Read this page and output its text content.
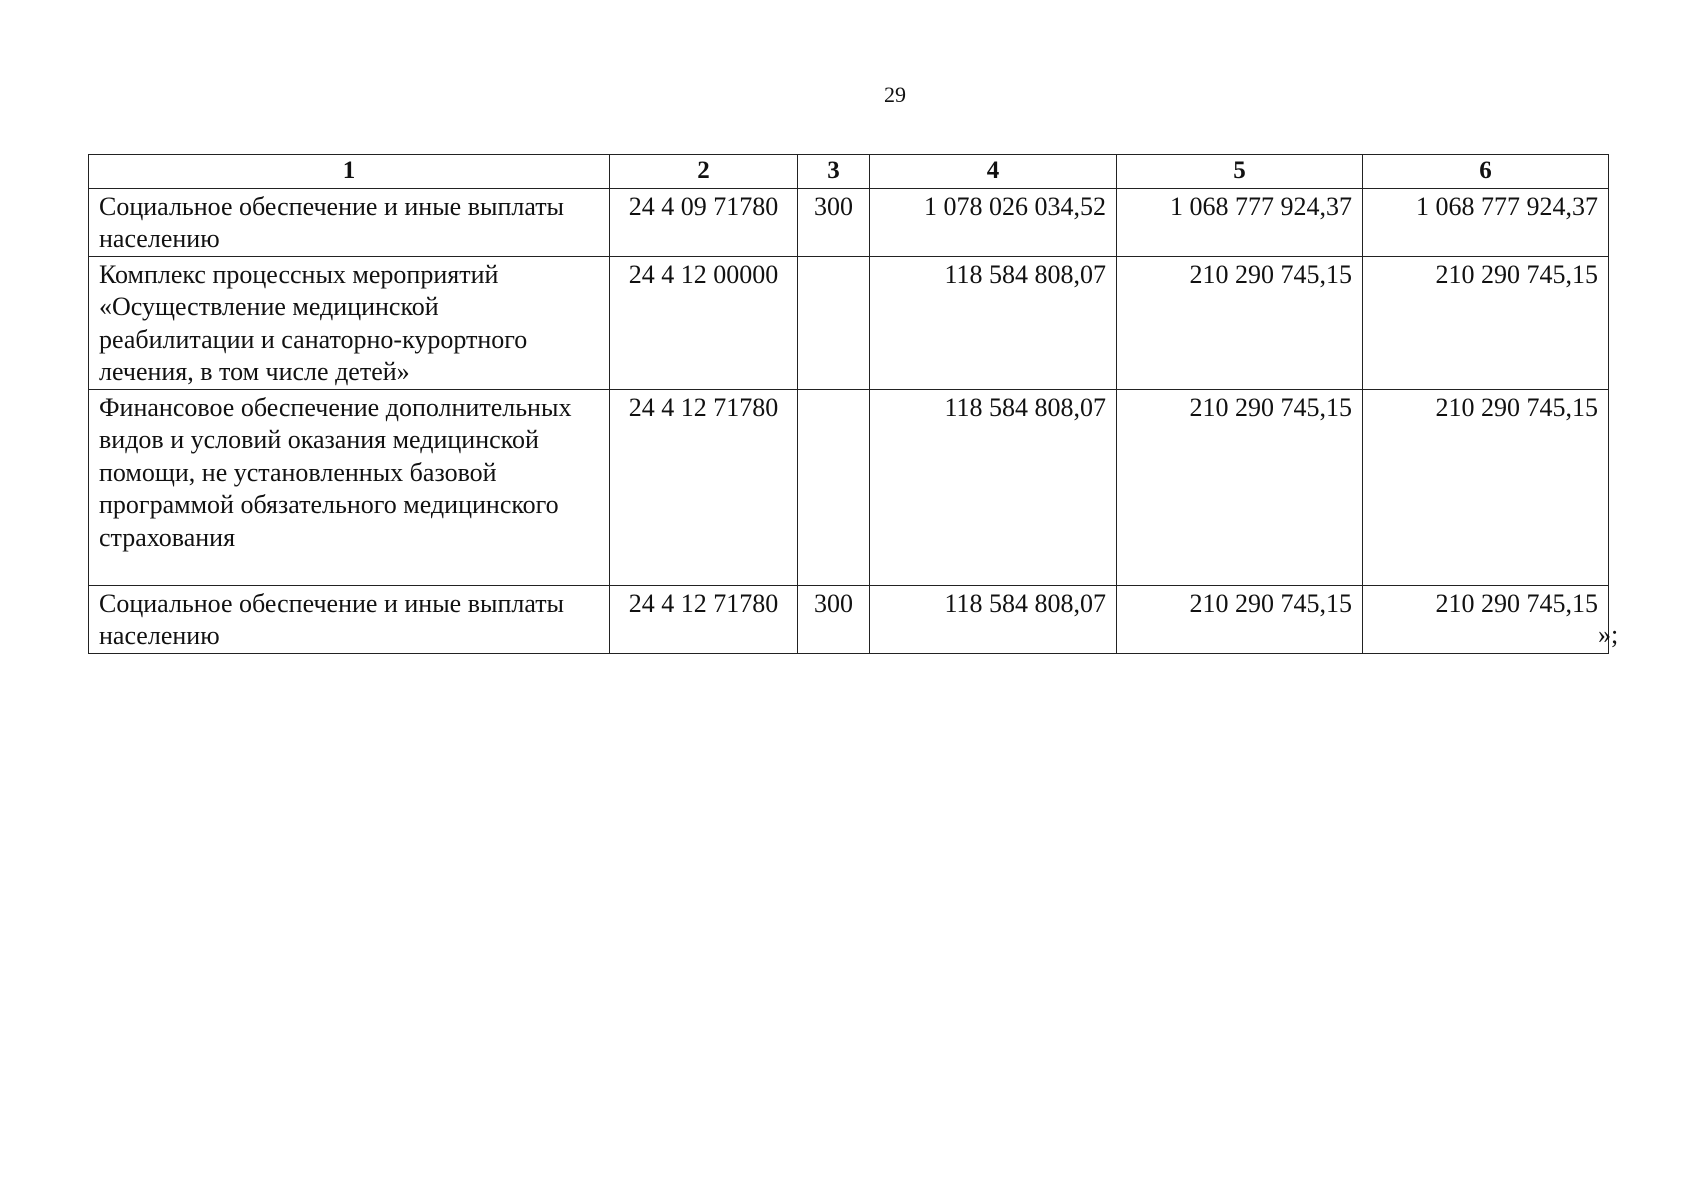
29
1	2	3	4	5	6
Социальное обеспечение и иные выплаты населению	24 4 09 71780	300	1 078 026 034,52	1 068 777 924,37	1 068 777 924,37
Комплекс процессных мероприятий «Осуществление медицинской реабилитации и санаторно-курортного лечения, в том числе детей»	24 4 12 00000		118 584 808,07	210 290 745,15	210 290 745,15
Финансовое обеспечение дополнительных видов и условий оказания медицинской помощи, не установленных базовой программой обязательного медицинского страхования	24 4 12 71780		118 584 808,07	210 290 745,15	210 290 745,15
Социальное обеспечение и иные выплаты населению	24 4 12 71780	300	118 584 808,07	210 290 745,15	210 290 745,15
»;
